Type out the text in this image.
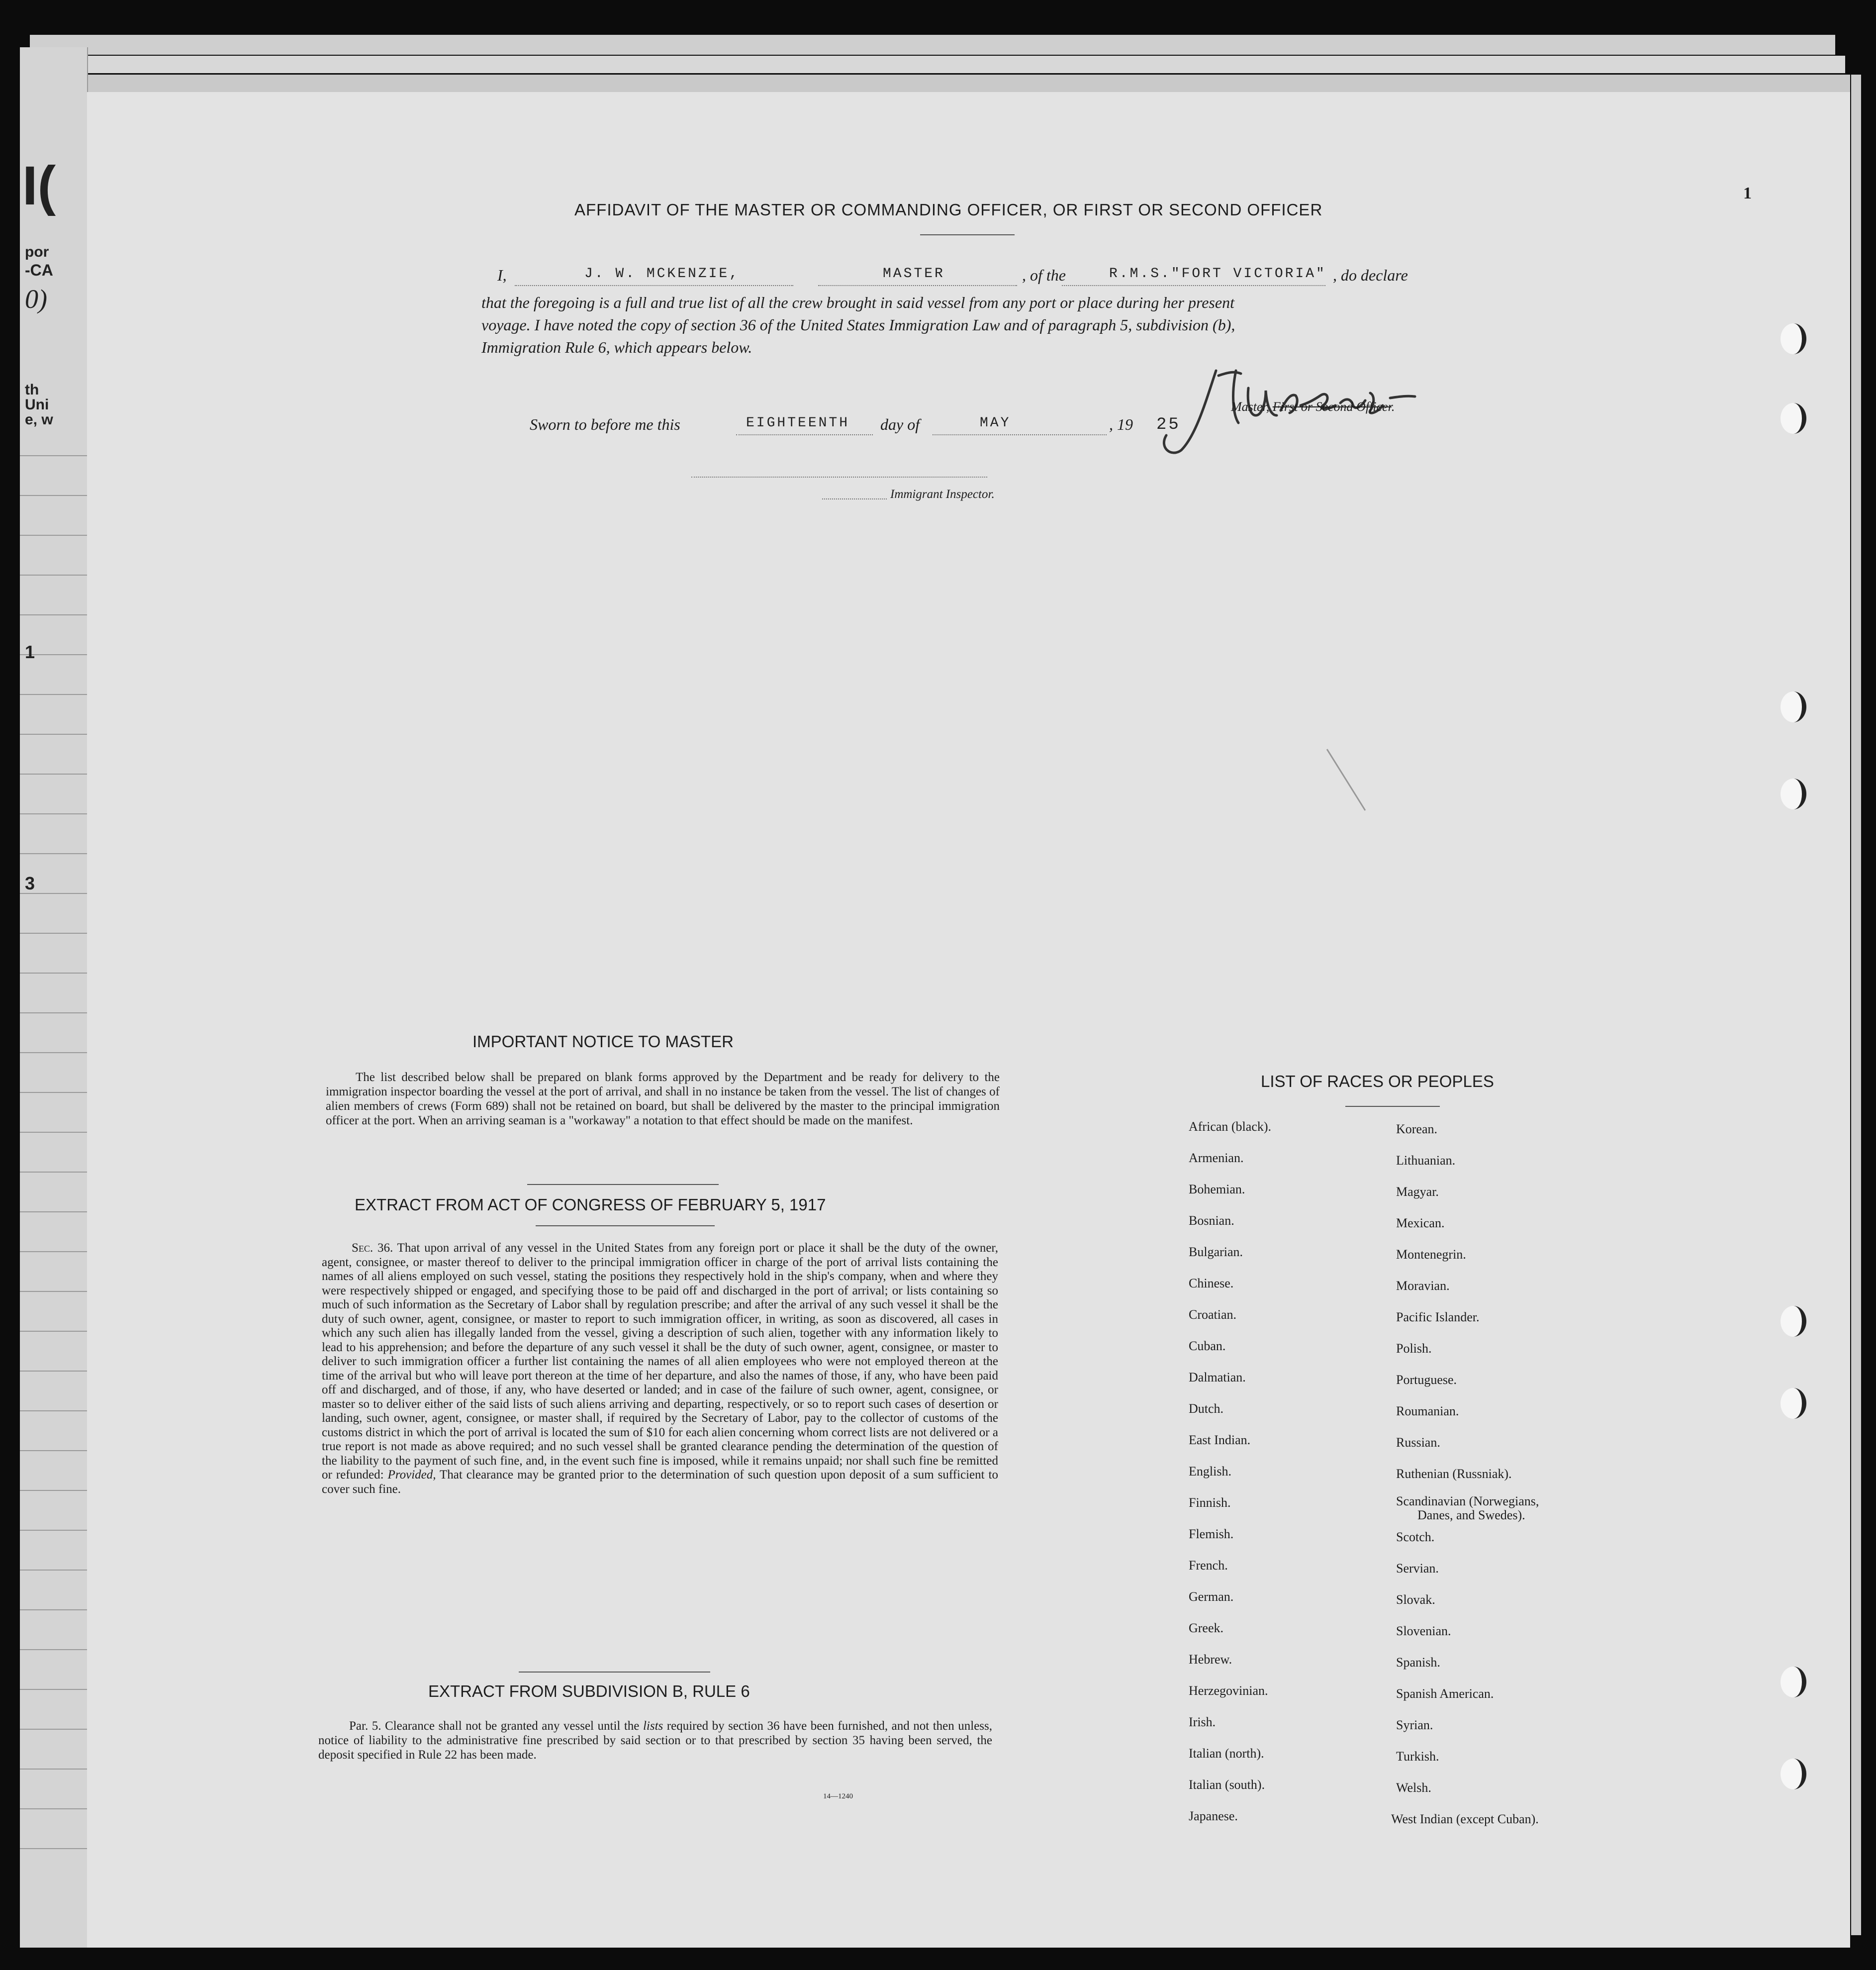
I(
por
-CA
0)
th
Uni
e, w
1
3
1
AFFIDAVIT OF THE MASTER OR COMMANDING OFFICER, OR FIRST OR SECOND OFFICER
I,	J. W. MCKENZIE,	MASTER	, of the	R.M.S."FORT VICTORIA" , do declare
that the foregoing is a full and true list of all the crew brought in said vessel from any port or place during her present
voyage. I have noted the copy of section 36 of the United States Immigration Law and of paragraph 5, subdivision (b),
Immigration Rule 6, which appears below.
Sworn to before me this	EIGHTEENTH day of	MAY	, 19 25
Master, First or Second Officer.
Immigrant Inspector.
IMPORTANT NOTICE TO MASTER
The list described below shall be prepared on blank forms approved by the Department and be ready for delivery to the immigration inspector boarding the vessel at the port of arrival, and shall in no instance be taken from the vessel. The list of changes of alien members of crews (Form 689) shall not be retained on board, but shall be delivered by the master to the principal immigration officer at the port. When an arriving seaman is a "workaway" a notation to that effect should be made on the manifest.
EXTRACT FROM ACT OF CONGRESS OF FEBRUARY 5, 1917
Sec. 36. That upon arrival of any vessel in the United States from any foreign port or place it shall be the duty of the owner, agent, consignee, or master thereof to deliver to the principal immigration officer in charge of the port of arrival lists containing the names of all aliens employed on such vessel, stating the positions they respectively hold in the ship's company, when and where they were respectively shipped or engaged, and specifying those to be paid off and discharged in the port of arrival; or lists containing so much of such information as the Secretary of Labor shall by regulation prescribe; and after the arrival of any such vessel it shall be the duty of such owner, agent, consignee, or master to report to such immigration officer, in writing, as soon as discovered, all cases in which any such alien has illegally landed from the vessel, giving a description of such alien, together with any information likely to lead to his apprehension; and before the departure of any such vessel it shall be the duty of such owner, agent, consignee, or master to deliver to such immigration officer a further list containing the names of all alien employees who were not employed thereon at the time of the arrival but who will leave port thereon at the time of her departure, and also the names of those, if any, who have been paid off and discharged, and of those, if any, who have deserted or landed; and in case of the failure of such owner, agent, consignee, or master so to deliver either of the said lists of such aliens arriving and departing, respectively, or so to report such cases of desertion or landing, such owner, agent, consignee, or master shall, if required by the Secretary of Labor, pay to the collector of customs of the customs district in which the port of arrival is located the sum of $10 for each alien concerning whom correct lists are not delivered or a true report is not made as above required; and no such vessel shall be granted clearance pending the determination of the question of the liability to the payment of such fine, and, in the event such fine is imposed, while it remains unpaid; nor shall such fine be remitted or refunded: Provided, That clearance may be granted prior to the determination of such question upon deposit of a sum sufficient to cover such fine.
EXTRACT FROM SUBDIVISION B, RULE 6
Par. 5. Clearance shall not be granted any vessel until the lists required by section 36 have been furnished, and not then unless, notice of liability to the administrative fine prescribed by said section or to that prescribed by section 35 having been served, the deposit specified in Rule 22 has been made.
14—1240
LIST OF RACES OR PEOPLES
African (black).
Armenian.
Bohemian.
Bosnian.
Bulgarian.
Chinese.
Croatian.
Cuban.
Dalmatian.
Dutch.
East Indian.
English.
Finnish.
Flemish.
French.
German.
Greek.
Hebrew.
Herzegovinian.
Irish.
Italian (north).
Italian (south).
Japanese.
Korean.
Lithuanian.
Magyar.
Mexican.
Montenegrin.
Moravian.
Pacific Islander.
Polish.
Portuguese.
Roumanian.
Russian.
Ruthenian (Russniak).
Scandinavian (Norwegians,
Danes, and Swedes).
Scotch.
Servian.
Slovak.
Slovenian.
Spanish.
Spanish American.
Syrian.
Turkish.
Welsh.
West Indian (except Cuban).
